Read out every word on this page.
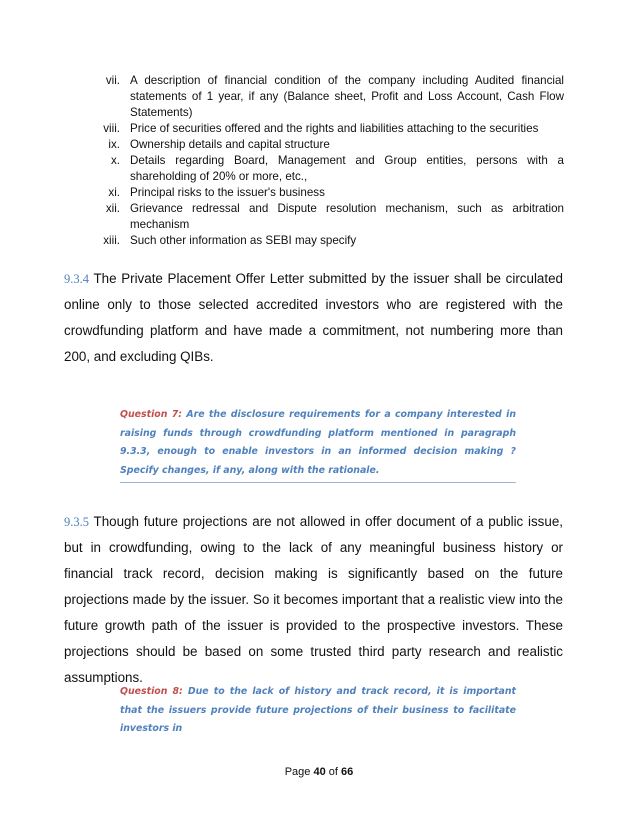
vii. A description of financial condition of the company including Audited financial statements of 1 year, if any (Balance sheet, Profit and Loss Account, Cash Flow Statements)
viii. Price of securities offered and the rights and liabilities attaching to the securities
ix. Ownership details and capital structure
x. Details regarding Board, Management and Group entities, persons with a shareholding of 20% or more, etc.,
xi. Principal risks to the issuer's business
xii. Grievance redressal and Dispute resolution mechanism, such as arbitration mechanism
xiii. Such other information as SEBI may specify

9.3.4 The Private Placement Offer Letter submitted by the issuer shall be circulated online only to those selected accredited investors who are registered with the crowdfunding platform and have made a commitment, not numbering more than 200, and excluding QIBs.

Question 7: Are the disclosure requirements for a company interested in raising funds through crowdfunding platform mentioned in paragraph 9.3.3, enough to enable investors in an informed decision making ? Specify changes, if any, along with the rationale.

9.3.5 Though future projections are not allowed in offer document of a public issue, but in crowdfunding, owing to the lack of any meaningful business history or financial track record, decision making is significantly based on the future projections made by the issuer. So it becomes important that a realistic view into the future growth path of the issuer is provided to the prospective investors. These projections should be based on some trusted third party research and realistic assumptions.

Question 8: Due to the lack of history and track record, it is important that the issuers provide future projections of their business to facilitate investors in
Page 40 of 66
